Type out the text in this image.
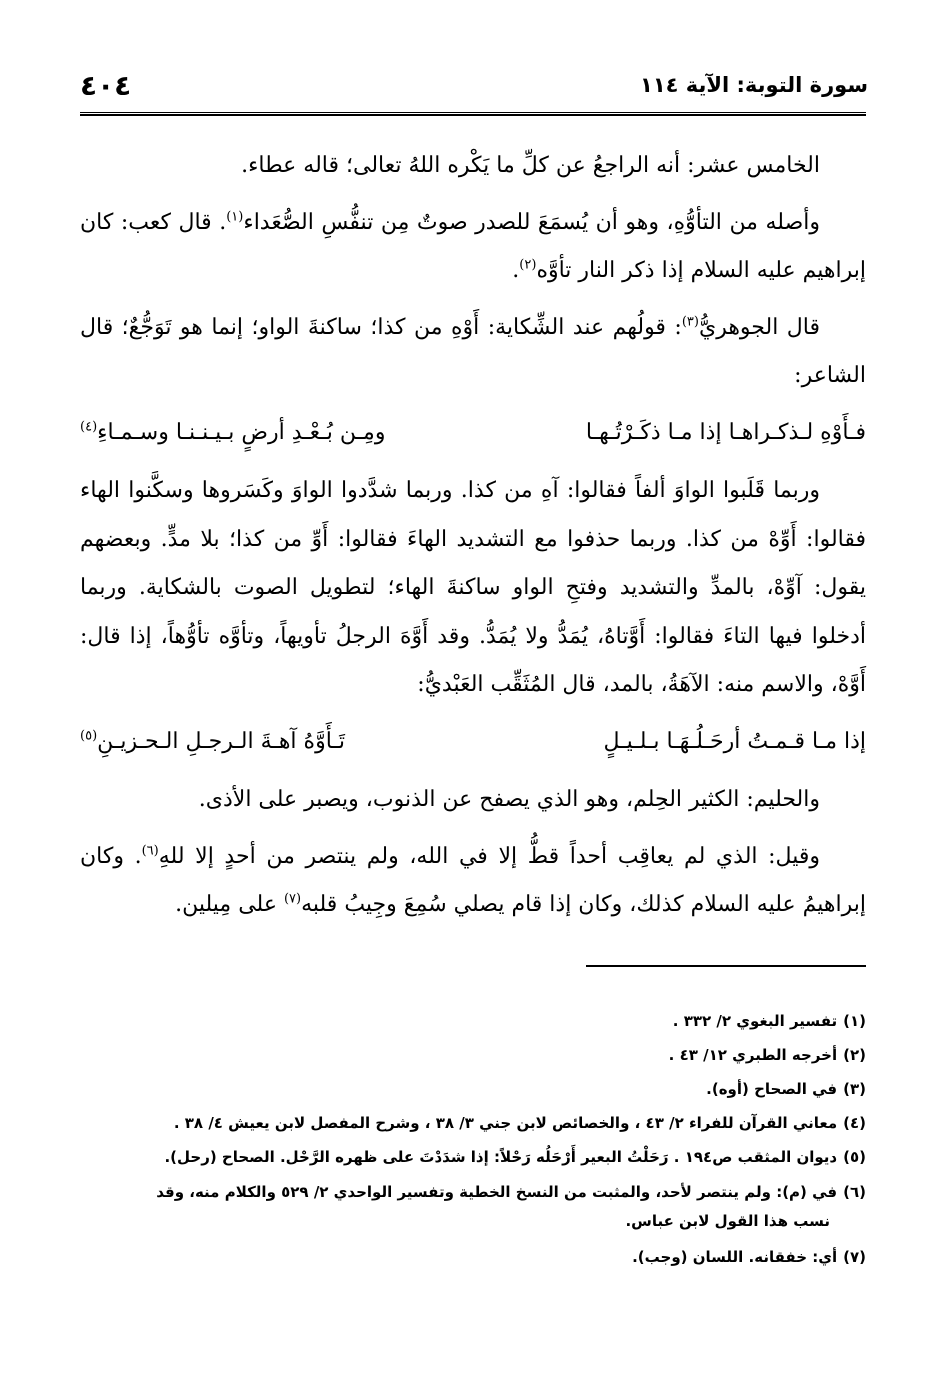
٤٠٤	سورة التوبة: الآية ١١٤

الخامس عشر: أنه الراجعُ عن كلِّ ما يَكْره اللهُ تعالى؛ قاله عطاء.

وأصله من التأوُّهِ، وهو أن يُسمَعَ للصدر صوتٌ مِن تنفُّسِ الصُّعَداء$^{(١)}$. قال كعب: كان إبراهيم عليه السلام إذا ذكر النار تأوَّه$^{(٢)}$.

قال الجوهريُّ$^{(٣)}$: قولُهم عند الشِّكاية: أَوْهِ من كذا؛ ساكنةَ الواو؛ إنما هو تَوَجُّعٌ؛ قال الشاعر:

فـأَوْهِ لـذكـراهـا إذا مـا ذكَـرْتُـهـا
ومِـن بُـعْـدِ أرضٍ بـيـنـنـا وسـمـاءِ$^{(٤)}$

وربما قَلَبوا الواوَ ألفاً فقالوا: آهِ من كذا. وربما شدَّدوا الواوَ وكَسَروها وسكَّنوا الهاء فقالوا: أَوِّهْ من كذا. وربما حذفوا مع التشديد الهاءَ فقالوا: أَوِّ من كذا؛ بلا مدٍّ. وبعضهم يقول: آوِّهْ، بالمدِّ والتشديد وفتحِ الواو ساكنةَ الهاء؛ لتطويل الصوت بالشكاية. وربما أدخلوا فيها التاءَ فقالوا: أَوَّتاهُ، يُمَدُّ ولا يُمَدُّ. وقد أَوَّهَ الرجلُ تأويهاً، وتأوَّه تأوُّهاً، إذا قال: أَوَّهْ، والاسم منه: الآهَةُ، بالمد، قال المُثَقِّب العَبْديُّ:

إذا مـا قـمـتُ أرحَـلُـهَـا بـلـيـلٍ
تَـأَوَّهُ آهـةَ الـرجـلِ الـحـزيـنِ$^{(٥)}$

والحليم: الكثير الحِلم، وهو الذي يصفح عن الذنوب، ويصبر على الأذى.

وقيل: الذي لم يعاقِب أحداً قطُّ إلا في الله، ولم ينتصر من أحدٍ إلا للهِ$^{(٦)}$. وكان إبراهيمُ عليه السلام كذلك، وكان إذا قام يصلي سُمِعَ وجِيبُ قلبه$^{(٧)}$ على مِيلين.

(١)تفسير البغوي ٢/ ٣٣٢ .

(٢)أخرجه الطبري ١٢/ ٤٣ .

(٣)في الصحاح (أوه).

(٤)معاني القرآن للفراء ٢/ ٤٣ ، والخصائص لابن جني ٣/ ٣٨ ، وشرح المفصل لابن يعيش ٤/ ٣٨ .

(٥)ديوان المثقب ص١٩٤ . رَحَلْتُ البعير أَرْحَلُه رَحْلاً: إذا شدَدْتَ على ظهره الرَّحْل. الصحاح (رحل).

(٦)في (م): ولم ينتصر لأحد، والمثبت من النسخ الخطية وتفسير الواحدي ٢/ ٥٢٩ والكلام منه، وقد

نسب هذا القول لابن عباس.

(٧)أي: خفقانه. اللسان (وجب).
